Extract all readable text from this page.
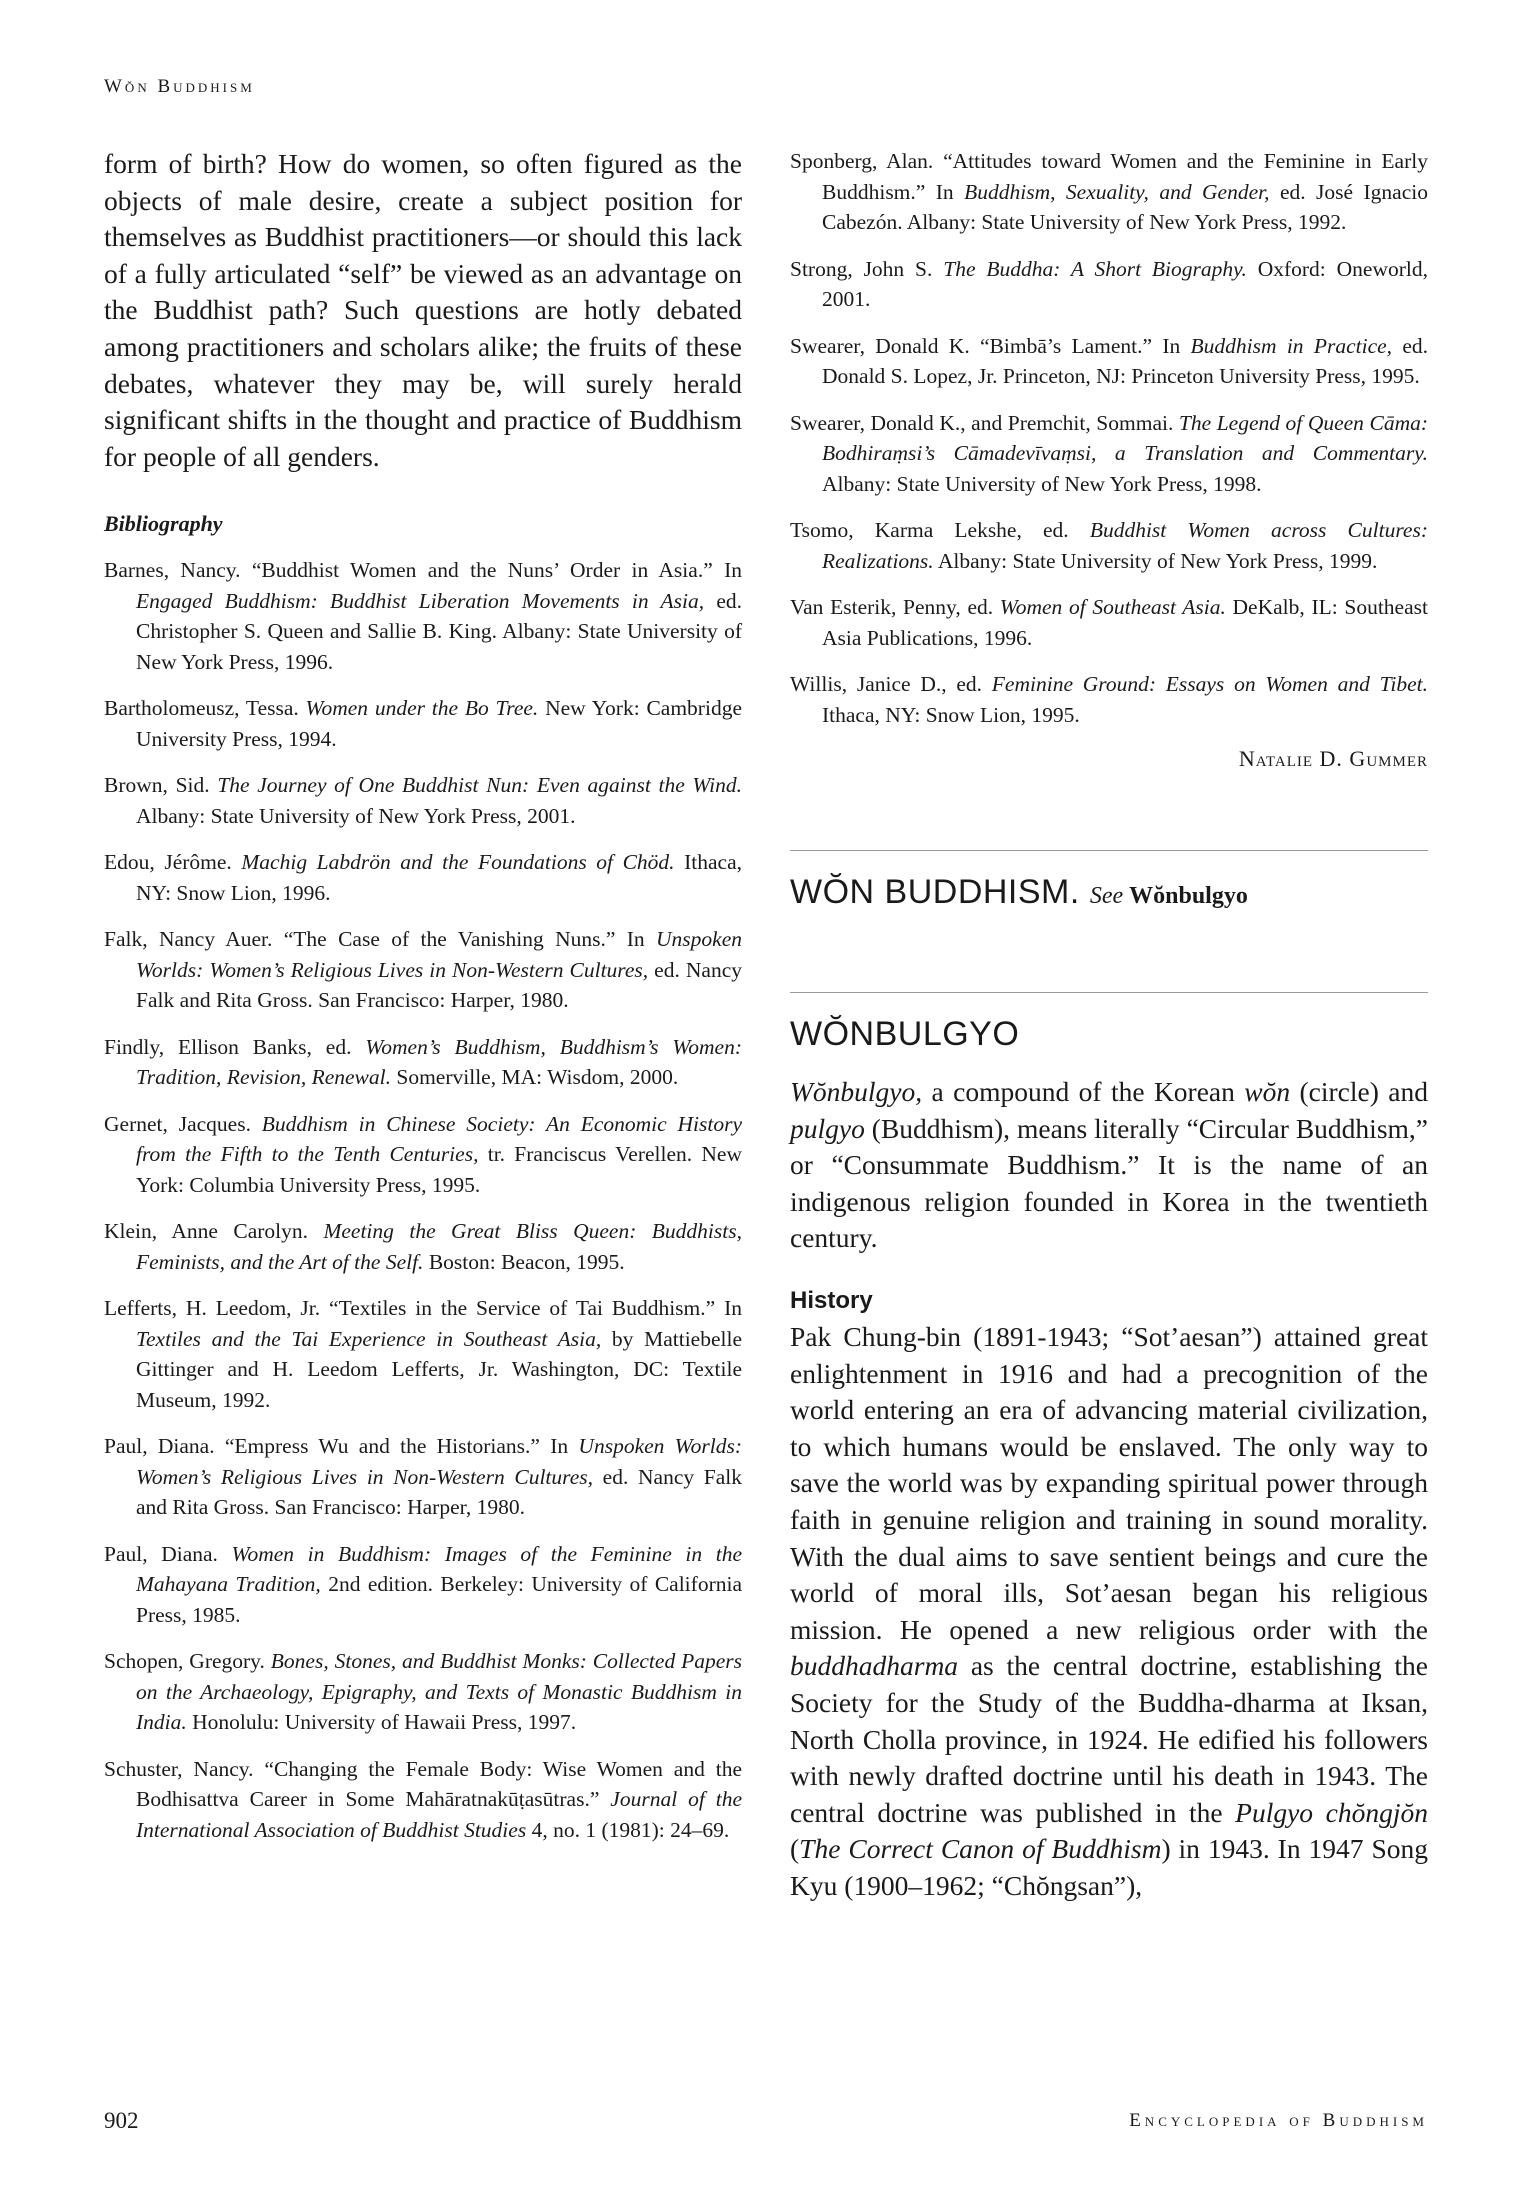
Wŏn Buddhism

form of birth? How do women, so often figured as the objects of male desire, create a subject position for themselves as Buddhist practitioners—or should this lack of a fully articulated “self” be viewed as an advantage on the Buddhist path? Such questions are hotly debated among practitioners and scholars alike; the fruits of these debates, whatever they may be, will surely herald significant shifts in the thought and practice of Buddhism for people of all genders.

Bibliography

Barnes, Nancy. “Buddhist Women and the Nuns’ Order in Asia.” In Engaged Buddhism: Buddhist Liberation Movements in Asia, ed. Christopher S. Queen and Sallie B. King. Albany: State University of New York Press, 1996.

Bartholomeusz, Tessa. Women under the Bo Tree. New York: Cambridge University Press, 1994.

Brown, Sid. The Journey of One Buddhist Nun: Even against the Wind. Albany: State University of New York Press, 2001.

Edou, Jérôme. Machig Labdrön and the Foundations of Chöd. Ithaca, NY: Snow Lion, 1996.

Falk, Nancy Auer. “The Case of the Vanishing Nuns.” In Unspoken Worlds: Women’s Religious Lives in Non-Western Cultures, ed. Nancy Falk and Rita Gross. San Francisco: Harper, 1980.

Findly, Ellison Banks, ed. Women’s Buddhism, Buddhism’s Women: Tradition, Revision, Renewal. Somerville, MA: Wisdom, 2000.

Gernet, Jacques. Buddhism in Chinese Society: An Economic History from the Fifth to the Tenth Centuries, tr. Franciscus Verellen. New York: Columbia University Press, 1995.

Klein, Anne Carolyn. Meeting the Great Bliss Queen: Buddhists, Feminists, and the Art of the Self. Boston: Beacon, 1995.

Lefferts, H. Leedom, Jr. “Textiles in the Service of Tai Buddhism.” In Textiles and the Tai Experience in Southeast Asia, by Mattiebelle Gittinger and H. Leedom Lefferts, Jr. Washington, DC: Textile Museum, 1992.

Paul, Diana. “Empress Wu and the Historians.” In Unspoken Worlds: Women’s Religious Lives in Non-Western Cultures, ed. Nancy Falk and Rita Gross. San Francisco: Harper, 1980.

Paul, Diana. Women in Buddhism: Images of the Feminine in the Mahayana Tradition, 2nd edition. Berkeley: University of California Press, 1985.

Schopen, Gregory. Bones, Stones, and Buddhist Monks: Collected Papers on the Archaeology, Epigraphy, and Texts of Monastic Buddhism in India. Honolulu: University of Hawaii Press, 1997.

Schuster, Nancy. “Changing the Female Body: Wise Women and the Bodhisattva Career in Some Mahāratnakūṭasūtras.” Journal of the International Association of Buddhist Studies 4, no. 1 (1981): 24–69.

Sponberg, Alan. “Attitudes toward Women and the Feminine in Early Buddhism.” In Buddhism, Sexuality, and Gender, ed. José Ignacio Cabezón. Albany: State University of New York Press, 1992.

Strong, John S. The Buddha: A Short Biography. Oxford: Oneworld, 2001.

Swearer, Donald K. “Bimbā’s Lament.” In Buddhism in Practice, ed. Donald S. Lopez, Jr. Princeton, NJ: Princeton University Press, 1995.

Swearer, Donald K., and Premchit, Sommai. The Legend of Queen Cāma: Bodhiraṃsi’s Cāmadevīvaṃsi, a Translation and Commentary. Albany: State University of New York Press, 1998.

Tsomo, Karma Lekshe, ed. Buddhist Women across Cultures: Realizations. Albany: State University of New York Press, 1999.

Van Esterik, Penny, ed. Women of Southeast Asia. DeKalb, IL: Southeast Asia Publications, 1996.

Willis, Janice D., ed. Feminine Ground: Essays on Women and Tibet. Ithaca, NY: Snow Lion, 1995.

Natalie D. Gummer
WŎN BUDDHISM. See Wŏnbulgyo
WŎNBULGYO

Wŏnbulgyo, a compound of the Korean wŏn (circle) and pulgyo (Buddhism), means literally “Circular Buddhism,” or “Consummate Buddhism.” It is the name of an indigenous religion founded in Korea in the twentieth century.

History

Pak Chung-bin (1891-1943; “Sot’aesan”) attained great enlightenment in 1916 and had a precognition of the world entering an era of advancing material civilization, to which humans would be enslaved. The only way to save the world was by expanding spiritual power through faith in genuine religion and training in sound morality. With the dual aims to save sentient beings and cure the world of moral ills, Sot’aesan began his religious mission. He opened a new religious order with the buddhadharma as the central doctrine, establishing the Society for the Study of the Buddha-dharma at Iksan, North Cholla province, in 1924. He edified his followers with newly drafted doctrine until his death in 1943. The central doctrine was published in the Pulgyo chŏngjŏn (The Correct Canon of Buddhism) in 1943. In 1947 Song Kyu (1900–1962; “Chŏngsan”),

902	Encyclopedia of Buddhism
